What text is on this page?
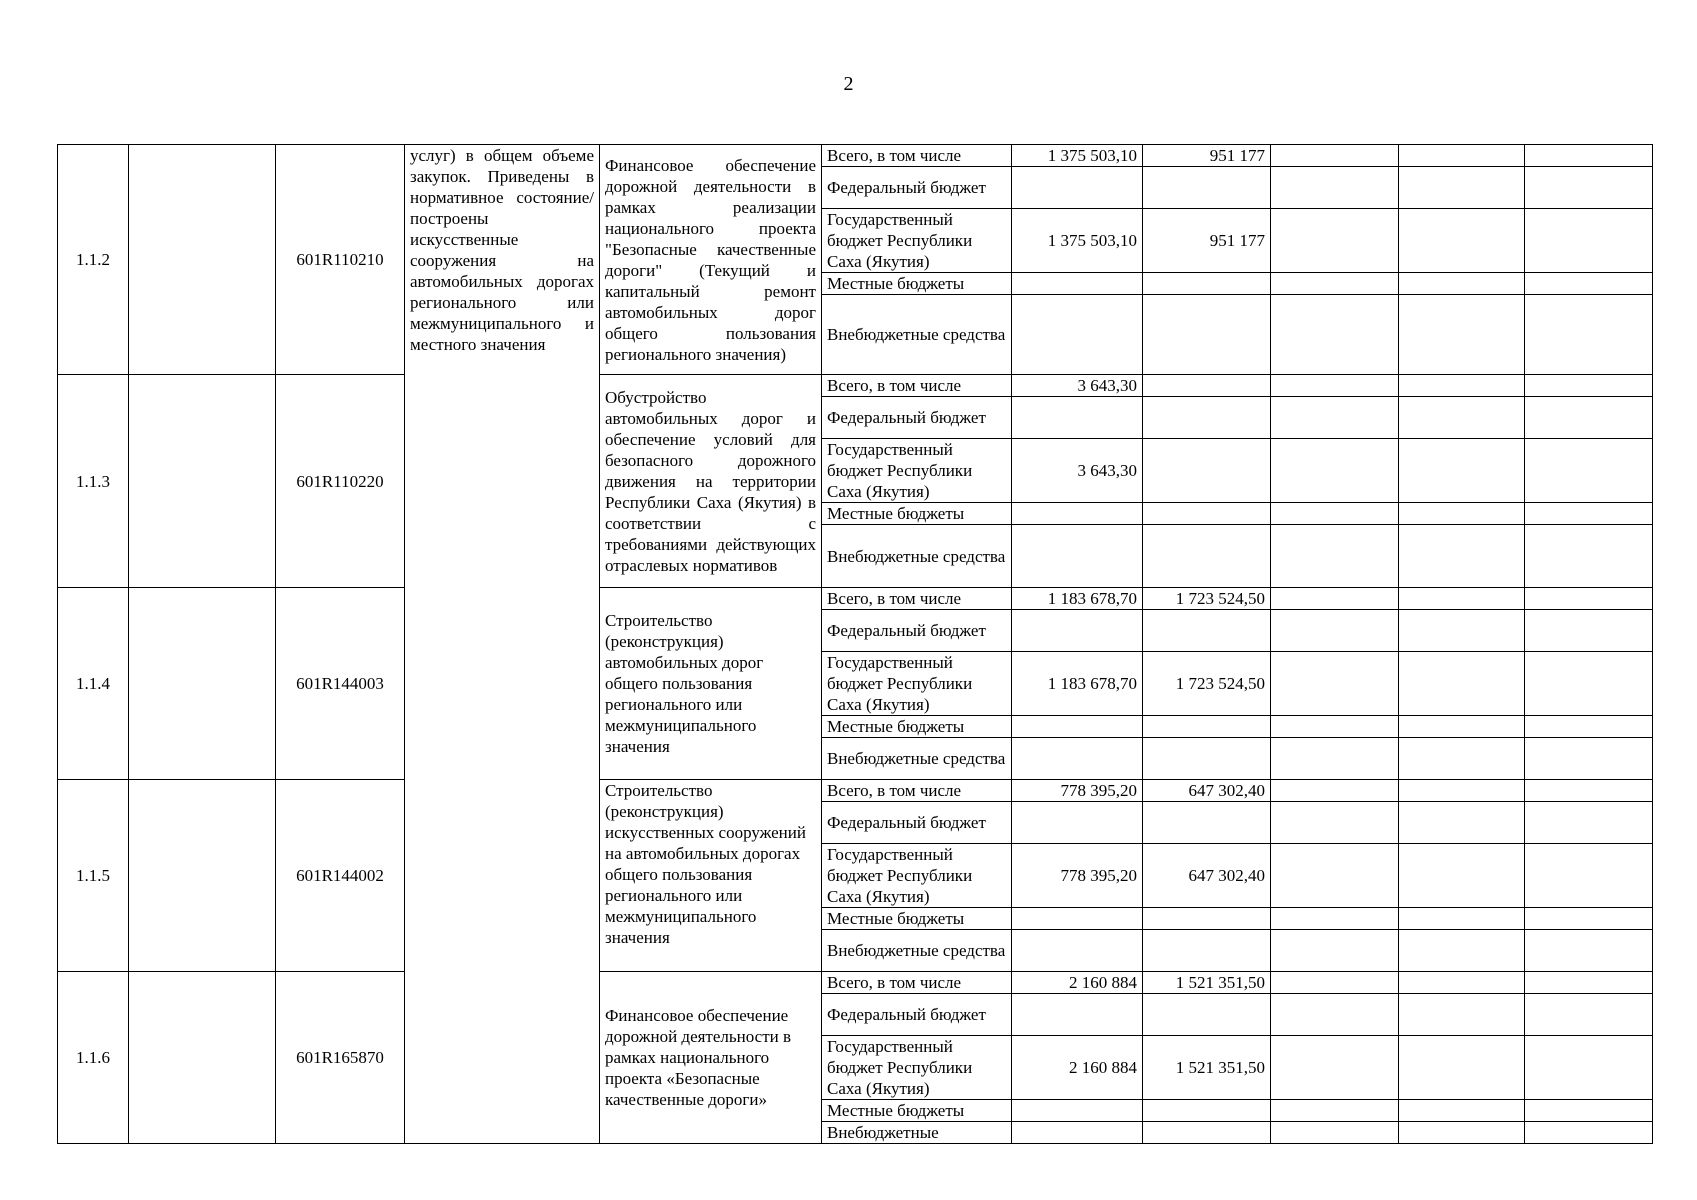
2
1.1.2		601R110210	услуг) в общем объеме закупок. Приведены в нормативное состояние/ построены искусственные сооружения на автомобильных дорогах регионального или межмуниципального и местного значения	Финансовое обеспечение дорожной деятельности в рамках реализации национального проекта "Безопасные качественные дороги" (Текущий и капитальный ремонт автомобильных дорог общего пользования регионального значения)	Всего, в том числе	1 375 503,10	951 177			
					Федеральный бюджет					
					Государственный бюджет Республики Саха (Якутия)	1 375 503,10	951 177			
					Местные бюджеты					
					Внебюджетные средства					
1.1.3		601R110220		Обустройство автомобильных дорог и обеспечение условий для безопасного дорожного движения на территории Республики Саха (Якутия) в соответствии с требованиями действующих отраслевых нормативов	Всего, в том числе	3 643,30				
					Федеральный бюджет					
					Государственный бюджет Республики Саха (Якутия)	3 643,30				
					Местные бюджеты					
					Внебюджетные средства					
1.1.4		601R144003		Строительство (реконструкция) автомобильных дорог общего пользования регионального или межмуниципального значения	Всего, в том числе	1 183 678,70	1 723 524,50			
					Федеральный бюджет					
					Государственный бюджет Республики Саха (Якутия)	1 183 678,70	1 723 524,50			
					Местные бюджеты					
					Внебюджетные средства					
1.1.5		601R144002		Строительство (реконструкция) искусственных сооружений на автомобильных дорогах общего пользования регионального или межмуниципального значения	Всего, в том числе	778 395,20	647 302,40			
					Федеральный бюджет					
					Государственный бюджет Республики Саха (Якутия)	778 395,20	647 302,40			
					Местные бюджеты					
					Внебюджетные средства					
1.1.6		601R165870		Финансовое обеспечение дорожной деятельности в рамках национального проекта «Безопасные качественные дороги»	Всего, в том числе	2 160 884	1 521 351,50			
					Федеральный бюджет					
					Государственный бюджет Республики Саха (Якутия)	2 160 884	1 521 351,50			
					Местные бюджеты					
					Внебюджетные					
